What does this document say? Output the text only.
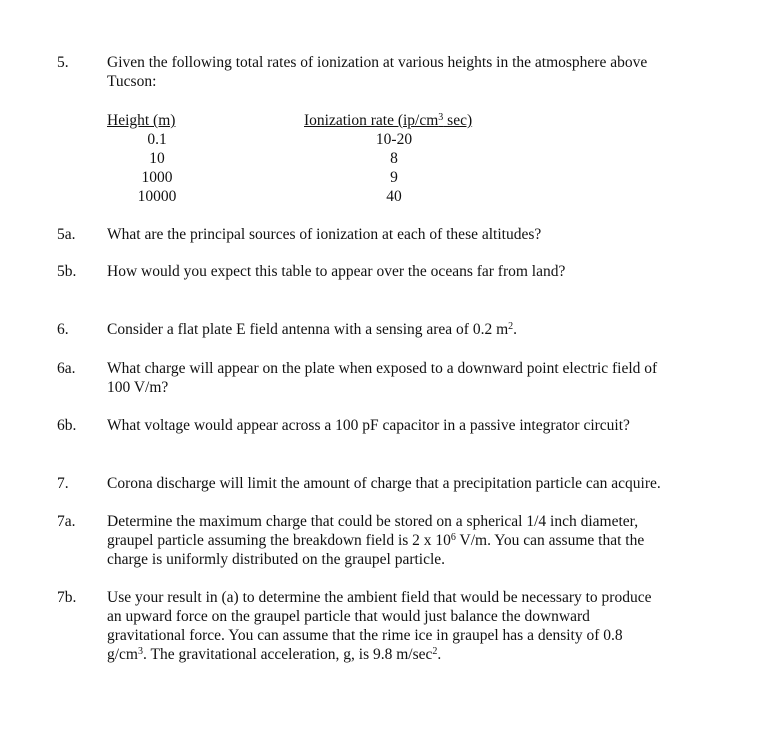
5. Given the following total rates of ionization at various heights in the atmosphere above
Tucson:
Height (m)	Ionization rate ($ip/cm^3$ sec)
0.1	10-20
10	8
1000	9
10000	40
5a. What are the principal sources of ionization at each of these altitudes?
5b. How would you expect this table to appear over the oceans far from land?
6. Consider a flat plate E field antenna with a sensing area of 0.2 $m^2$.
6a. What charge will appear on the plate when exposed to a downward point electric field of
100 V/m?
6b. What voltage would appear across a 100 pF capacitor in a passive integrator circuit?
7. Corona discharge will limit the amount of charge that a precipitation particle can acquire.
7a. Determine the maximum charge that could be stored on a spherical 1/4 inch diameter,
graupel particle assuming the breakdown field is 2 x $10^6$ V/m. You can assume that the
charge is uniformly distributed on the graupel particle.
7b. Use your result in (a) to determine the ambient field that would be necessary to produce
an upward force on the graupel particle that would just balance the downward
gravitational force. You can assume that the rime ice in graupel has a density of 0.8
$g/cm^3$. The gravitational acceleration, g, is 9.8 $m/\sec^2$.
